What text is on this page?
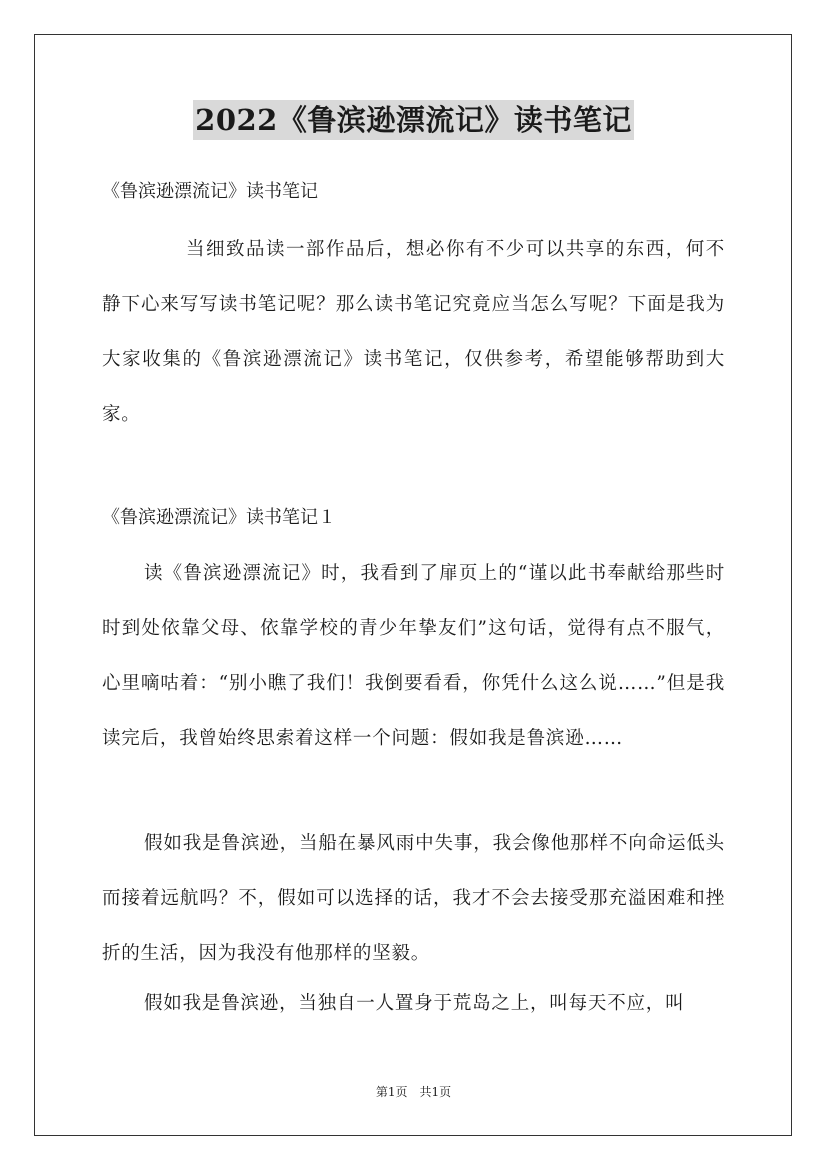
2022《鲁滨逊漂流记》读书笔记
《鲁滨逊漂流记》读书笔记

当细致品读一部作品后，想必你有不少可以共享的东西，何不静下心来写写读书笔记呢？那么读书笔记究竟应当怎么写呢？下面是我为大家收集的《鲁滨逊漂流记》读书笔记，仅供参考，希望能够帮助到大家。

《鲁滨逊漂流记》读书笔记１

读《鲁滨逊漂流记》时，我看到了扉页上的“谨以此书奉献给那些时时到处依靠父母、依靠学校的青少年挚友们”这句话，觉得有点不服气，心里嘀咕着：“别小瞧了我们！我倒要看看，你凭什么这么说……”但是我读完后，我曾始终思索着这样一个问题：假如我是鲁滨逊……

假如我是鲁滨逊，当船在暴风雨中失事，我会像他那样不向命运低头而接着远航吗？不，假如可以选择的话，我才不会去接受那充溢困难和挫折的生活，因为我没有他那样的坚毅。

假如我是鲁滨逊，当独自一人置身于荒岛之上，叫每天不应，叫

第1页　共1页
